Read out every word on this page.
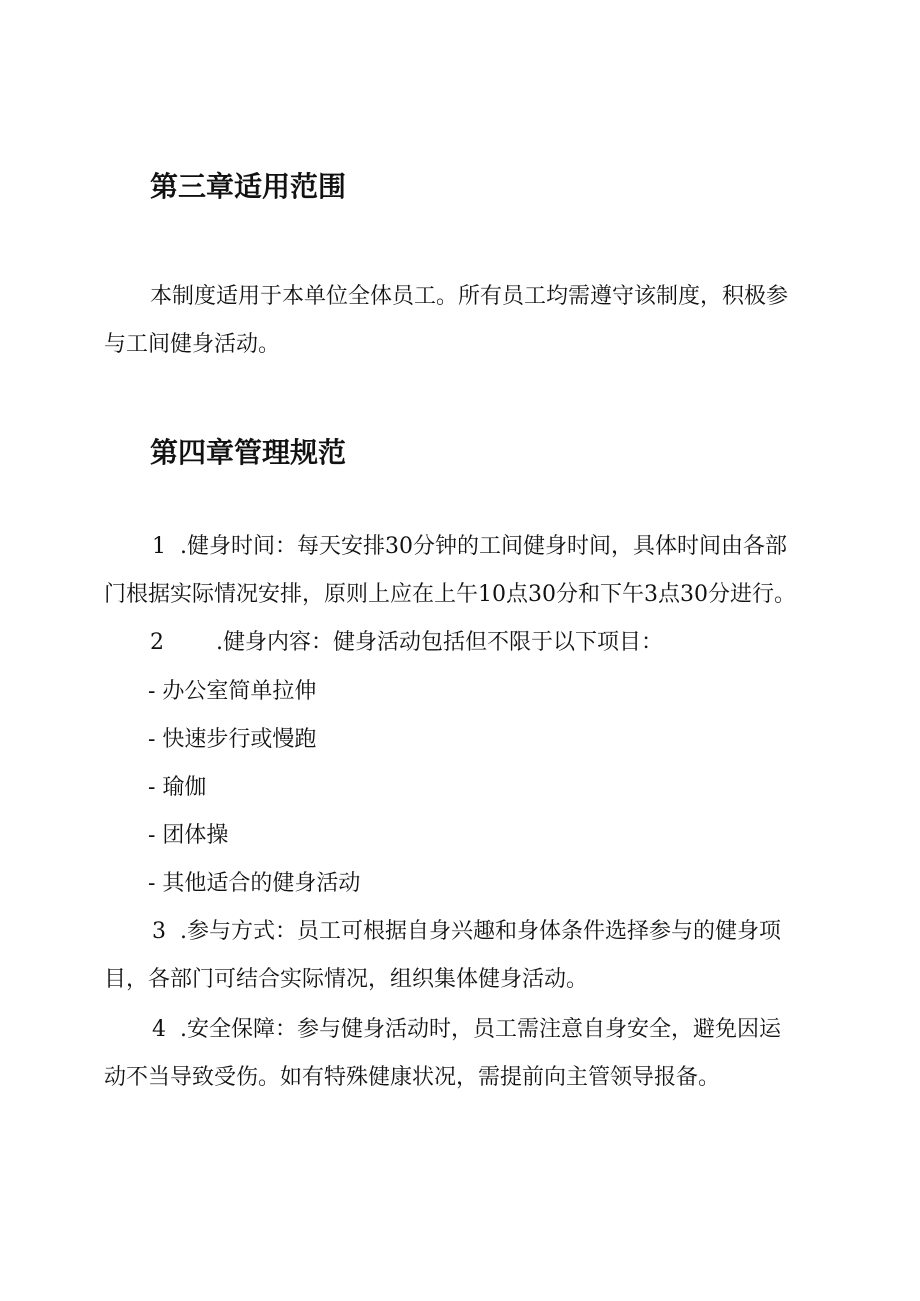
第三章适用范围

本制度适用于本单位全体员工。所有员工均需遵守该制度，积极参

与工间健身活动。

第四章管理规范

1 .健身时间：每天安排30分钟的工间健身时间，具体时间由各部

门根据实际情况安排，原则上应在上午10点30分和下午3点30分进行。

2 .健身内容：健身活动包括但不限于以下项目：

- 办公室简单拉伸

- 快速步行或慢跑

- 瑜伽

- 团体操

- 其他适合的健身活动

3 .参与方式：员工可根据自身兴趣和身体条件选择参与的健身项

目，各部门可结合实际情况，组织集体健身活动。

4 .安全保障：参与健身活动时，员工需注意自身安全，避免因运

动不当导致受伤。如有特殊健康状况，需提前向主管领导报备。
